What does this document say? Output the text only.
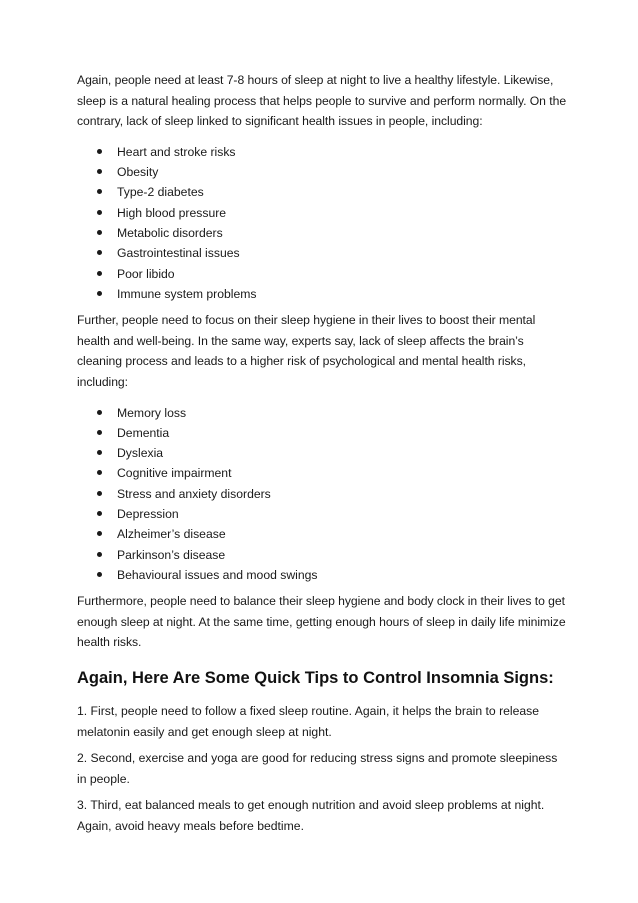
Again, people need at least 7-8 hours of sleep at night to live a healthy lifestyle. Likewise, sleep is a natural healing process that helps people to survive and perform normally. On the contrary, lack of sleep linked to significant health issues in people, including:

Heart and stroke risks
Obesity
Type-2 diabetes
High blood pressure
Metabolic disorders
Gastrointestinal issues
Poor libido
Immune system problems

Further, people need to focus on their sleep hygiene in their lives to boost their mental health and well-being. In the same way, experts say, lack of sleep affects the brain’s cleaning process and leads to a higher risk of psychological and mental health risks, including:

Memory loss
Dementia
Dyslexia
Cognitive impairment
Stress and anxiety disorders
Depression
Alzheimer’s disease
Parkinson’s disease
Behavioural issues and mood swings

Furthermore, people need to balance their sleep hygiene and body clock in their lives to get enough sleep at night. At the same time, getting enough hours of sleep in daily life minimize health risks.

Again, Here Are Some Quick Tips to Control Insomnia Signs:

1. First, people need to follow a fixed sleep routine. Again, it helps the brain to release melatonin easily and get enough sleep at night.

2. Second, exercise and yoga are good for reducing stress signs and promote sleepiness in people.

3. Third, eat balanced meals to get enough nutrition and avoid sleep problems at night. Again, avoid heavy meals before bedtime.
